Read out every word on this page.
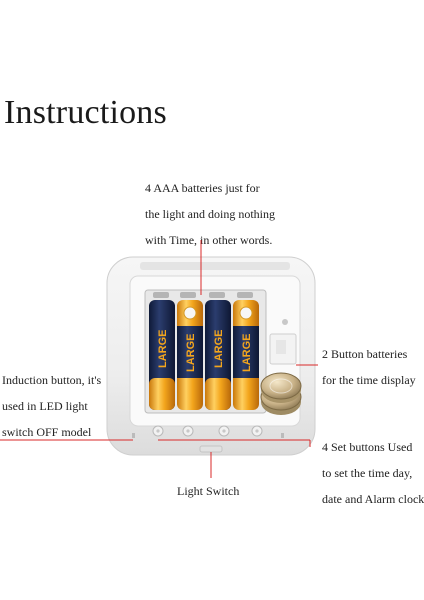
Instructions
4 AAA batteries just for
the light and doing nothing
with Time, in other words.
2 Button batteries
for the time display
Induction button, it's
used in LED light
switch OFF model
4 Set buttons Used
to set the time day,
date and Alarm clock
Light Switch
LARGE LARGE LARGE LARGE
